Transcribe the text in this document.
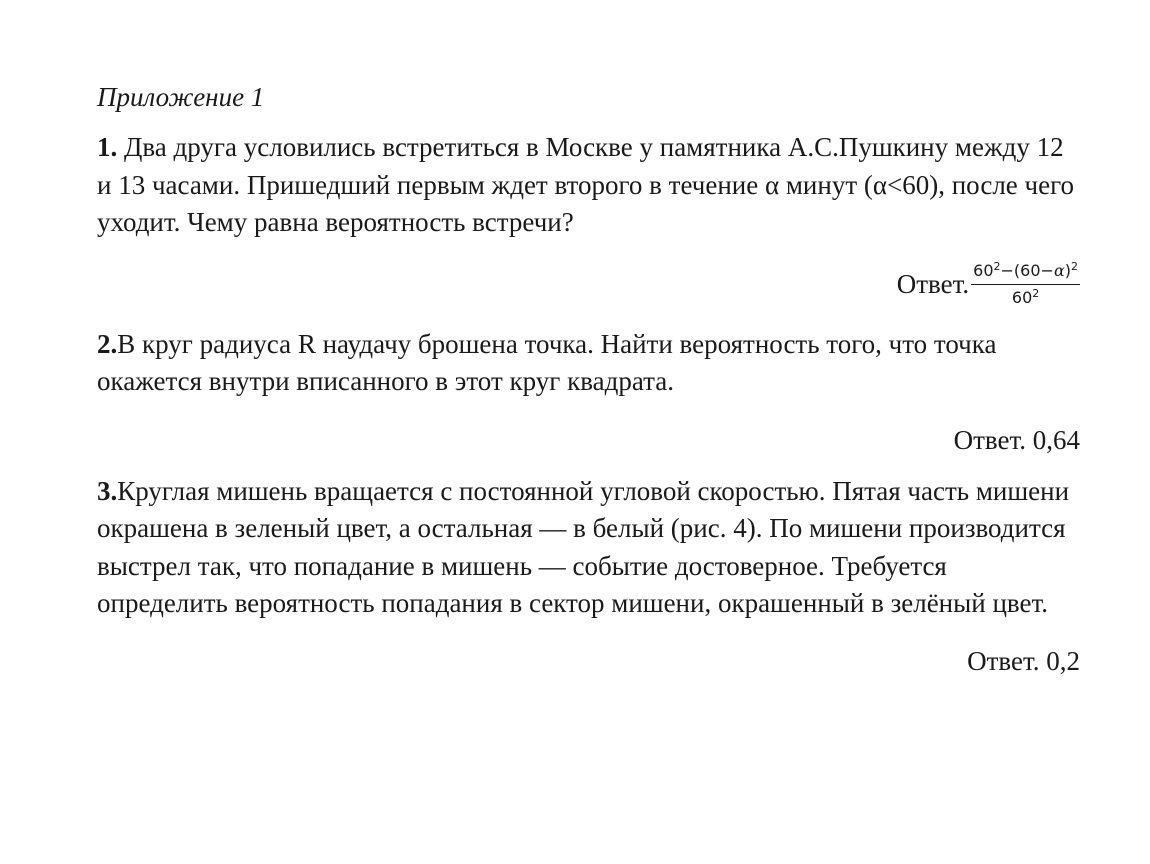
Приложение 1

1. Два друга условились встретиться в Москве у памятника А.С.Пушкину между 12 и 13 часами. Пришедший первым ждет второго в течение α минут (α<60), после чего уходит. Чему равна вероятность встречи?

Ответ. $\frac{60^2-(60-\alpha)^2}{60^2}$

2.В круг радиуса R наудачу брошена точка. Найти вероятность того, что точка окажется внутри вписанного в этот круг квадрата.

Ответ. 0,64

3.Круглая мишень вращается с постоянной угловой скоростью. Пятая часть мишени окрашена в зеленый цвет, а остальная — в белый (рис. 4). По мишени производится выстрел так, что попадание в мишень — событие достоверное. Требуется определить вероятность попадания в сектор мишени, окрашенный в зелёный цвет.

Ответ. 0,2
